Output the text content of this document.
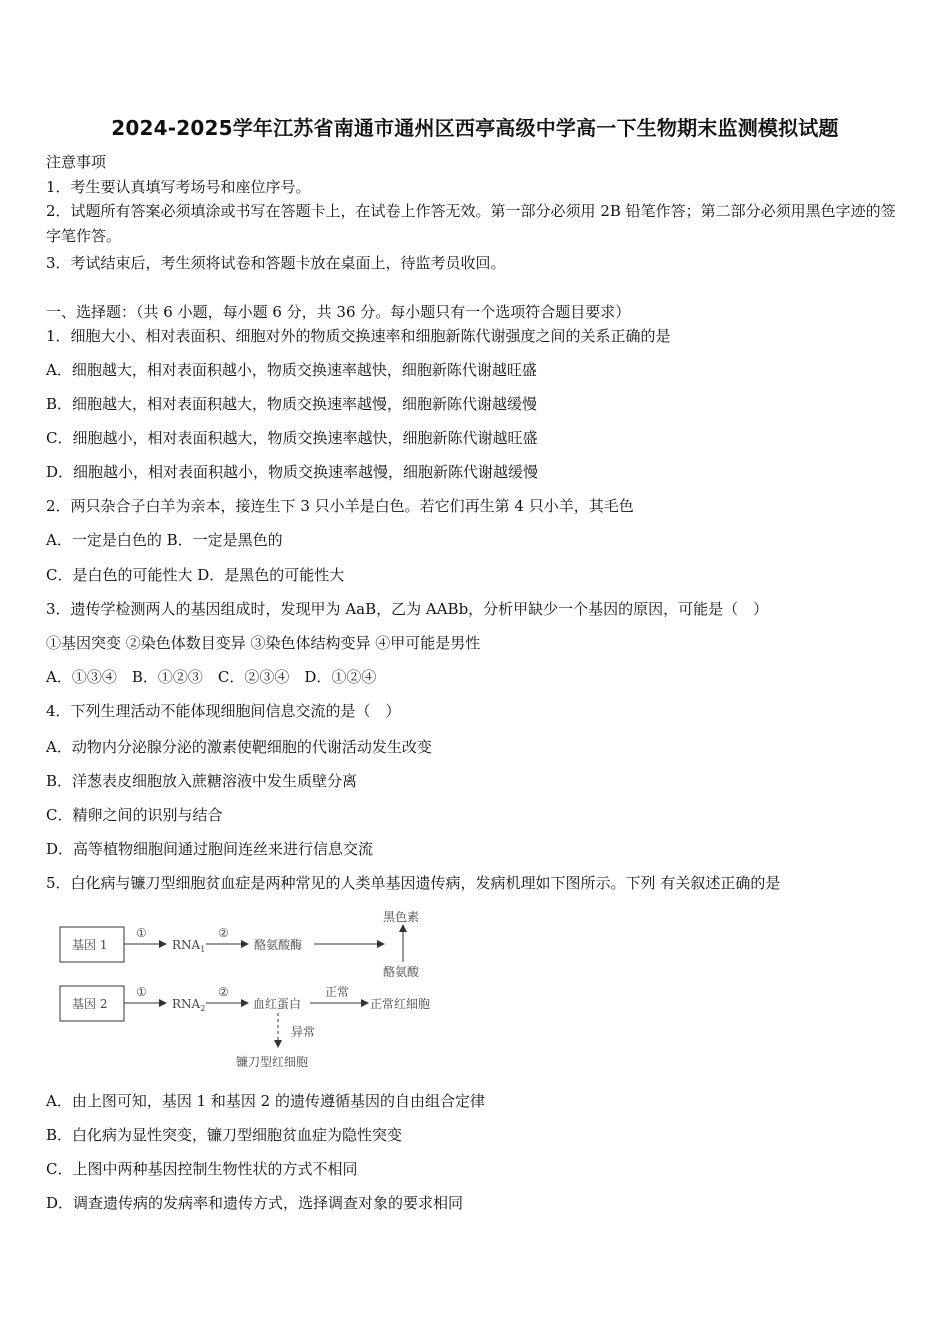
2024-2025学年江苏省南通市通州区西亭高级中学高一下生物期末监测模拟试题
注意事项
1．考生要认真填写考场号和座位序号。
2．试题所有答案必须填涂或书写在答题卡上，在试卷上作答无效。第一部分必须用 2B 铅笔作答；第二部分必须用黑色字迹的签字笔作答。
3．考试结束后，考生须将试卷和答题卡放在桌面上，待监考员收回。
一、选择题：（共 6 小题，每小题 6 分，共 36 分。每小题只有一个选项符合题目要求）
1．细胞大小、相对表面积、细胞对外的物质交换速率和细胞新陈代谢强度之间的关系正确的是
A．细胞越大，相对表面积越小，物质交换速率越快，细胞新陈代谢越旺盛
B．细胞越大，相对表面积越大，物质交换速率越慢，细胞新陈代谢越缓慢
C．细胞越小，相对表面积越大，物质交换速率越快，细胞新陈代谢越旺盛
D．细胞越小，相对表面积越小，物质交换速率越慢，细胞新陈代谢越缓慢
2．两只杂合子白羊为亲本，接连生下 3 只小羊是白色。若它们再生第 4 只小羊，其毛色
A．一定是白色的 B．一定是黑色的
C．是白色的可能性大 D．是黑色的可能性大
3．遗传学检测两人的基因组成时，发现甲为 AaB，乙为 AABb，分析甲缺少一个基因的原因，可能是（　）
①基因突变 ②染色体数目变异 ③染色体结构变异 ④甲可能是男性
A．①③④　B．①②③　C．②③④　D．①②④
4．下列生理活动不能体现细胞间信息交流的是（　）
A．动物内分泌腺分泌的激素使靶细胞的代谢活动发生改变
B．洋葱表皮细胞放入蔗糖溶液中发生质壁分离
C．精卵之间的识别与结合
D．高等植物细胞间通过胞间连丝来进行信息交流
5．白化病与镰刀型细胞贫血症是两种常见的人类单基因遗传病，发病机理如下图所示。下列 有关叙述正确的是
基因 1
基因 2
①	②
①	②
$RNA_1$
$RNA_2$
酪氨酸酶
黑色素
酪氨酸
血红蛋白
正常
正常红细胞
异常
镰刀型红细胞
A．由上图可知，基因 1 和基因 2 的遗传遵循基因的自由组合定律
B．白化病为显性突变，镰刀型细胞贫血症为隐性突变
C．上图中两种基因控制生物性状的方式不相同
D．调查遗传病的发病率和遗传方式，选择调查对象的要求相同
